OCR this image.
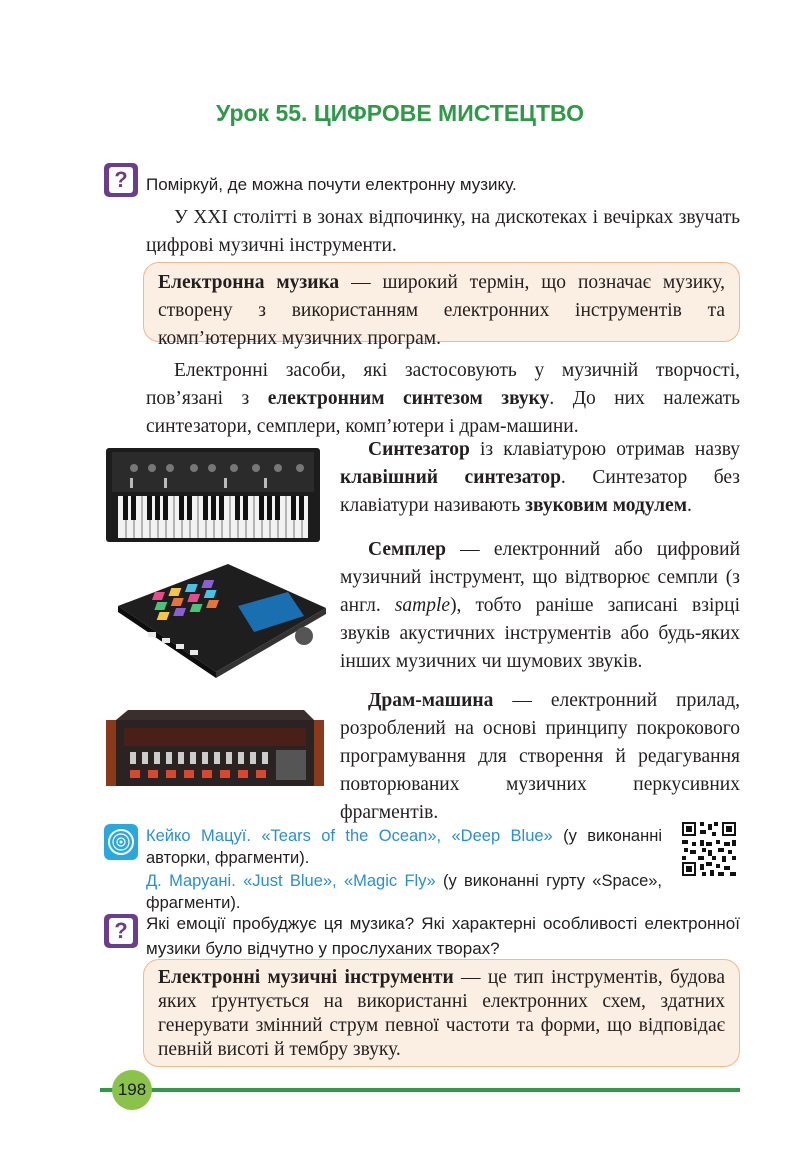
Урок 55. ЦИФРОВЕ МИСТЕЦТВО
?	Поміркуй, де можна почути електронну музику.
У XXI столітті в зонах відпочинку, на дискотеках і вечірках звучать цифрові музичні інструменти.
Електронна музика — широкий термін, що позначає музику, створену з використанням електронних інструментів та комп’ютерних музичних програм.
Електронні засоби, які застосовують у музичній творчості, пов’язані з електронним синтезом звуку. До них належать синтезатори, семплери, комп’ютери і драм-машини.
Синтезатор із клавіатурою отримав назву клавішний синтезатор. Синтезатор без клавіатури називають звуковим модулем.
Семплер — електронний або цифровий музичний інструмент, що відтворює семпли (з англ. sample), тобто раніше записані взірці звуків акустичних інструментів або будь-яких інших музичних чи шумових звуків.
Драм-машина — електронний прилад, розроблений на основі принципу покрокового програмування для створення й редагування повторюваних музичних перкусивних фрагментів.
Кейко Мацуї. «Tears of the Ocean», «Deep Blue» (у виконанні авторки, фрагменти).
Д. Маруані. «Just Blue», «Magic Fly» (у виконанні гурту «Space», фрагменти).
?	Які емоції пробуджує ця музика? Які характерні особливості електронної музики було відчутно у прослуханих творах?
Електронні музичні інструменти — це тип інструментів, будова яких ґрунтується на використанні електронних схем, здатних генерувати змінний струм певної частоти та форми, що відповідає певній висоті й тембру звуку.
198
